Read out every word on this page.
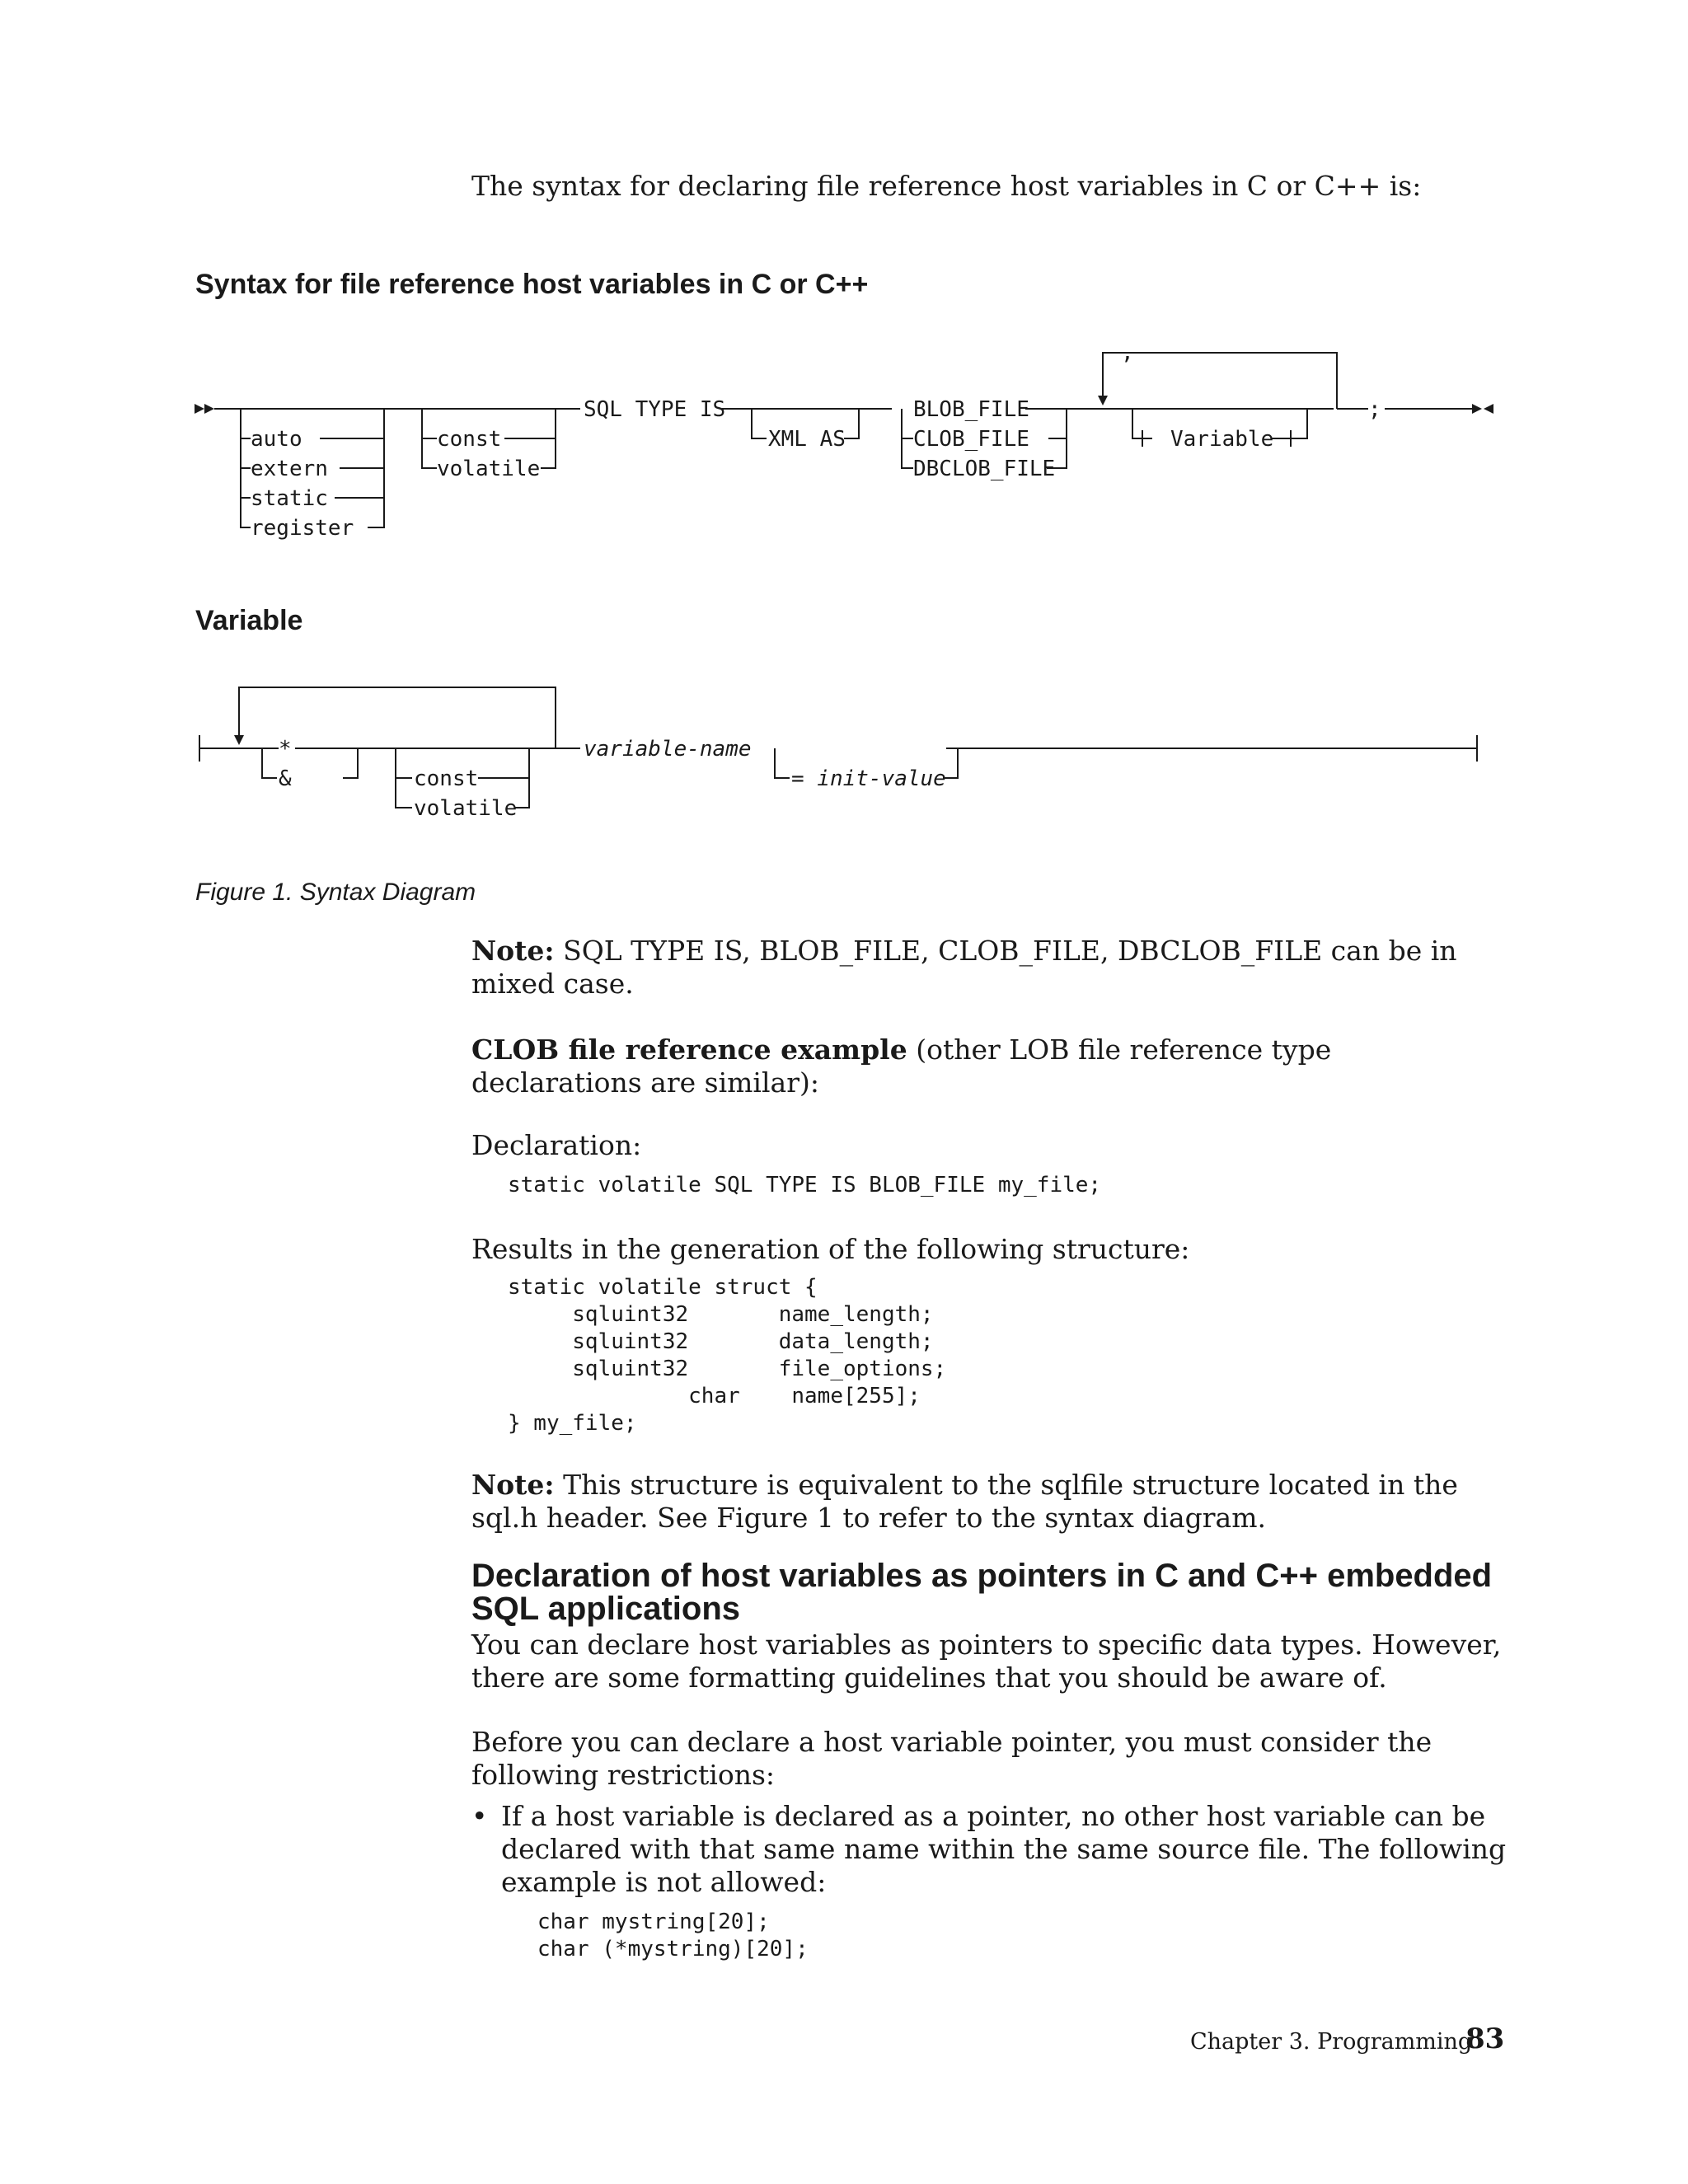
The syntax for declaring file reference host variables in C or C++ is:
Syntax for file reference host variables in C or C++
auto
extern
static
register
const
volatile
SQL TYPE IS
XML AS
BLOB_FILE
CLOB_FILE
DBCLOB_FILE
,
Variable
;
Variable
*
&	const
volatile
variable-name
= init-value
Figure 1. Syntax Diagram
Note: SQL TYPE IS, BLOB_FILE, CLOB_FILE, DBCLOB_FILE can be in mixed case.
CLOB file reference example (other LOB file reference type declarations are similar):
Declaration:
static volatile SQL TYPE IS BLOB_FILE my_file;
Results in the generation of the following structure:
static volatile struct {
sqluint32       name_length;
sqluint32       data_length;
sqluint32       file_options;
char    name[255];
} my_file;
Note: This structure is equivalent to the sqlfile structure located in the sql.h header. See Figure 1 to refer to the syntax diagram.
Declaration of host variables as pointers in C and C++ embedded SQL applications
You can declare host variables as pointers to specific data types. However, there are some formatting guidelines that you should be aware of.
Before you can declare a host variable pointer, you must consider the following restrictions:
• If a host variable is declared as a pointer, no other host variable can be declared with that same name within the same source file. The following example is not allowed:
char mystring[20];
char (*mystring)[20];
Chapter 3. Programming
83
